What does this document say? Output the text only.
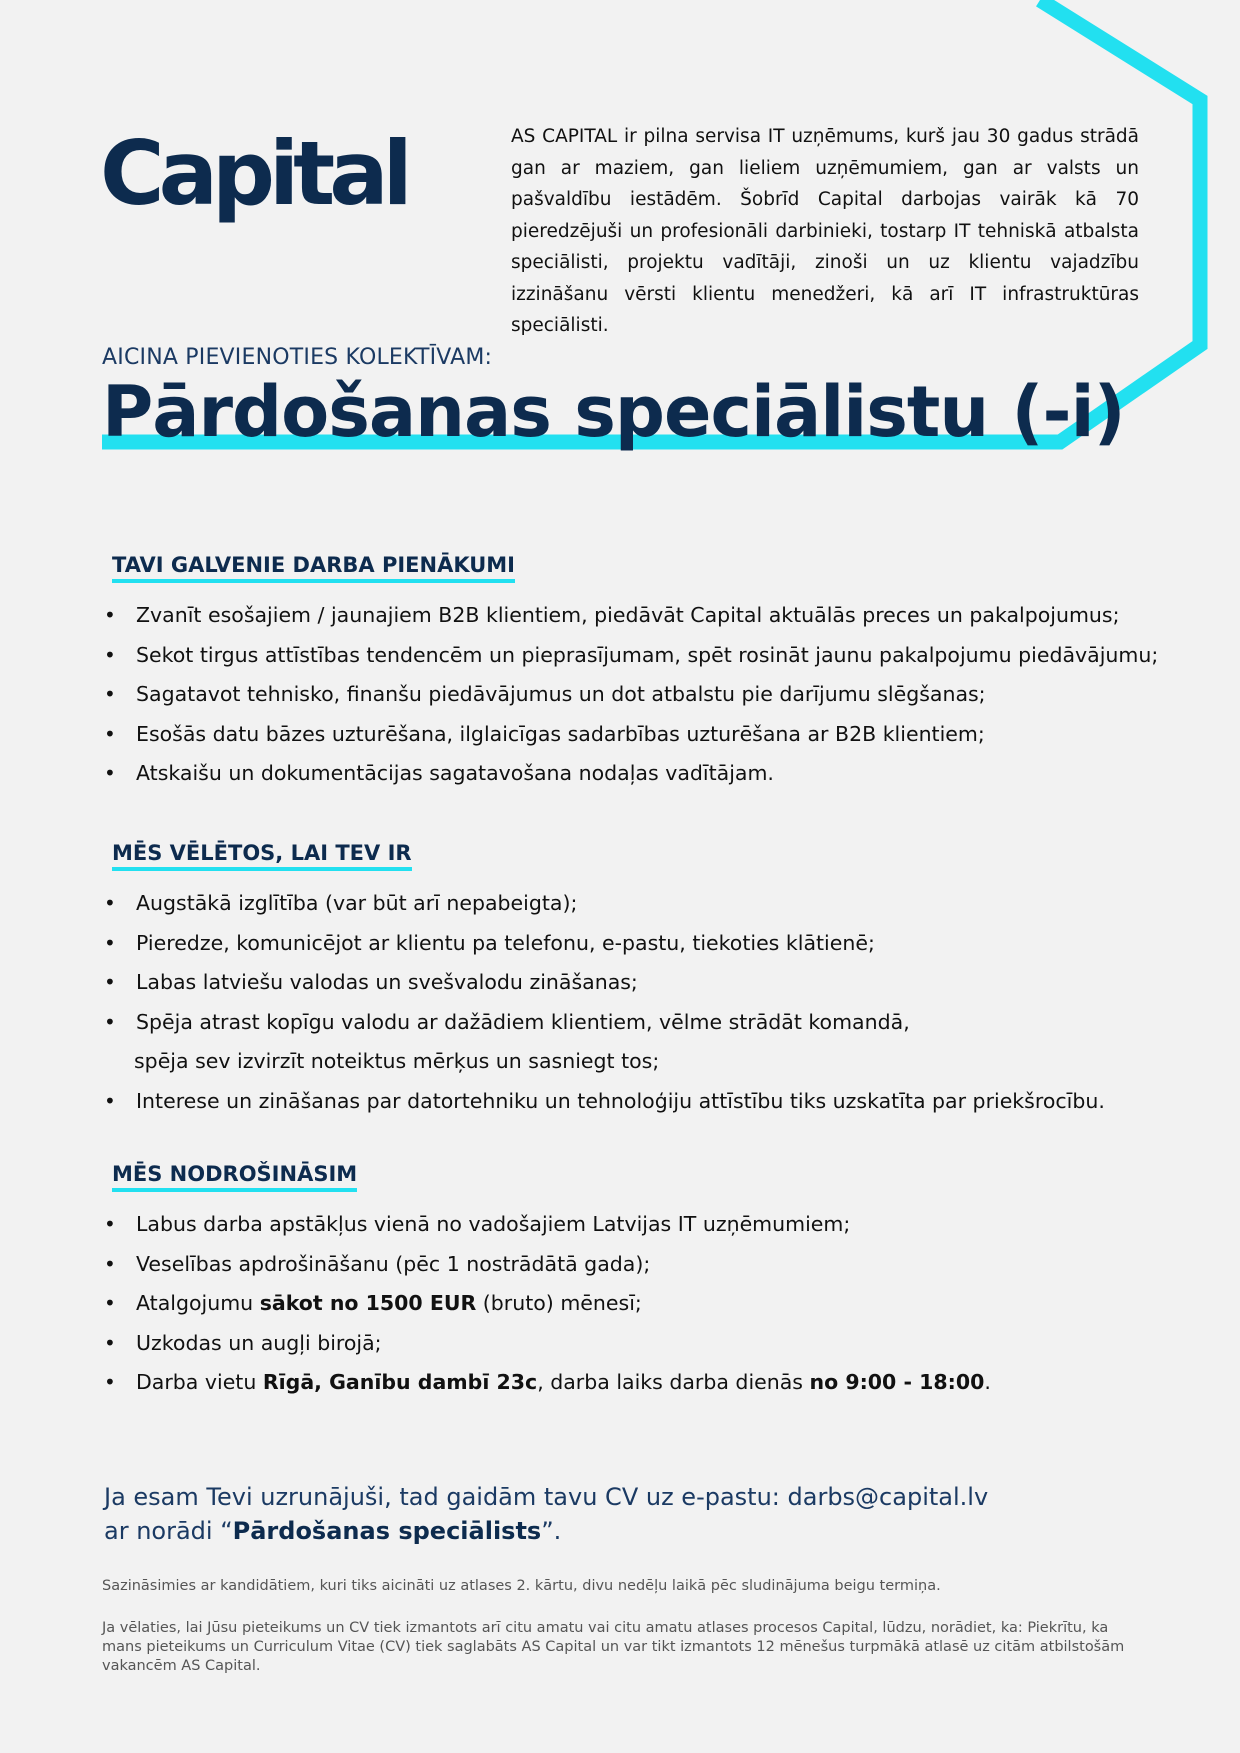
Capital	AS CAPITAL ir pilna servisa IT uzņēmums, kurš jau 30 gadus strādā gan ar maziem, gan lieliem uzņēmumiem, gan ar valsts un pašvaldību iestādēm. Šobrīd Capital darbojas vairāk kā 70 pieredzējuši un profesionāli darbinieki, tostarp IT tehniskā atbalsta speciālisti, projektu vadītāji, zinoši un uz klientu vajadzību izzināšanu vērsti klientu menedžeri, kā arī IT infrastruktūras speciālisti.
AICINA PIEVIENOTIES KOLEKTĪVAM:
Pārdošanas speciālistu (-i)
TAVI GALVENIE DARBA PIENĀKUMI
• Zvanīt esošajiem / jaunajiem B2B klientiem, piedāvāt Capital aktuālās preces un pakalpojumus;
• Sekot tirgus attīstības tendencēm un pieprasījumam, spēt rosināt jaunu pakalpojumu piedāvājumu;
• Sagatavot tehnisko, finanšu piedāvājumus un dot atbalstu pie darījumu slēgšanas;
• Esošās datu bāzes uzturēšana, ilglaicīgas sadarbības uzturēšana ar B2B klientiem;
• Atskaišu un dokumentācijas sagatavošana nodaļas vadītājam.
MĒS VĒLĒTOS, LAI TEV IR
• Augstākā izglītība (var būt arī nepabeigta);
• Pieredze, komunicējot ar klientu pa telefonu, e-pastu, tiekoties klātienē;
• Labas latviešu valodas un svešvalodu zināšanas;
• Spēja atrast kopīgu valodu ar dažādiem klientiem, vēlme strādāt komandā,
spēja sev izvirzīt noteiktus mērķus un sasniegt tos;
• Interese un zināšanas par datortehniku un tehnoloģiju attīstību tiks uzskatīta par priekšrocību.
MĒS NODROŠINĀSIM
• Labus darba apstākļus vienā no vadošajiem Latvijas IT uzņēmumiem;
• Veselības apdrošināšanu (pēc 1 nostrādātā gada);
• Atalgojumu sākot no 1500 EUR (bruto) mēnesī;
• Uzkodas un augļi birojā;
• Darba vietu Rīgā, Ganību dambī 23c, darba laiks darba dienās no 9:00 - 18:00.
Ja esam Tevi uzrunājuši, tad gaidām tavu CV uz e-pastu: darbs@capital.lv
ar norādi “Pārdošanas speciālists”.
Sazināsimies ar kandidātiem, kuri tiks aicināti uz atlases 2. kārtu, divu nedēļu laikā pēc sludinājuma beigu termiņa.
Ja vēlaties, lai Jūsu pieteikums un CV tiek izmantots arī citu amatu vai citu amatu atlases procesos Capital, lūdzu, norādiet, ka: Piekrītu, ka mans pieteikums un Curriculum Vitae (CV) tiek saglabāts AS Capital un var tikt izmantots 12 mēnešus turpmākā atlasē uz citām atbilstošām vakancēm AS Capital.
